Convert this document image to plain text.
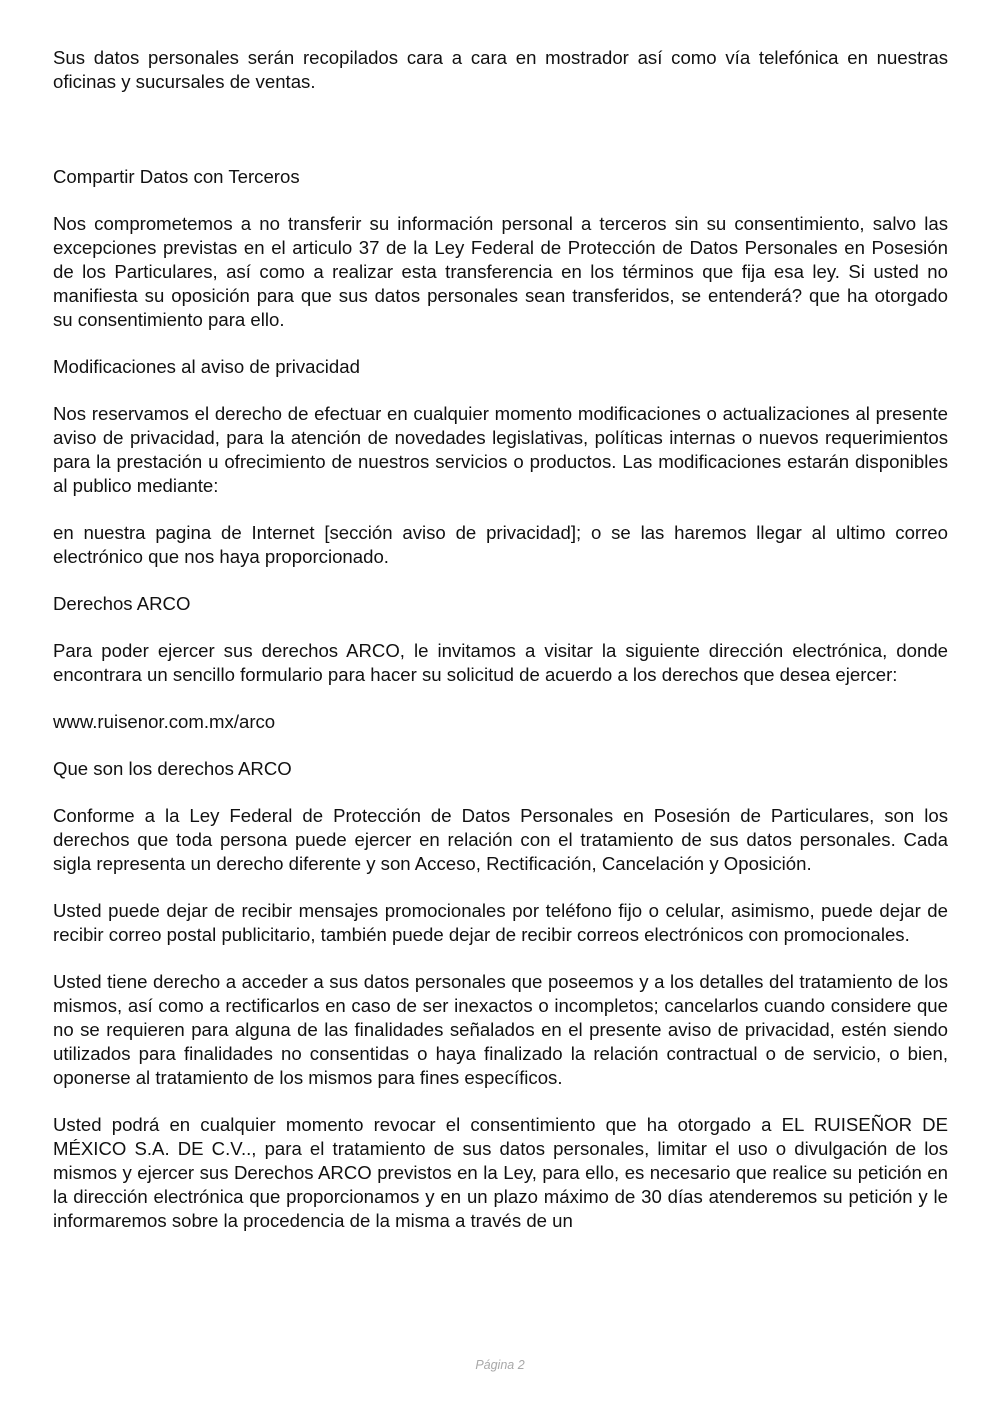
Sus datos personales serán recopilados cara a cara en mostrador así como vía telefónica en nuestras oficinas y sucursales de ventas.

Compartir Datos con Terceros

Nos comprometemos a no transferir su información personal a terceros sin su consentimiento, salvo las excepciones previstas en el articulo 37 de la Ley Federal de Protección de Datos Personales en Posesión de los Particulares, así como a realizar esta transferencia en los términos que fija esa ley. Si usted no manifiesta su oposición para que sus datos personales sean transferidos, se entenderá? que ha otorgado su consentimiento para ello.

Modificaciones al aviso de privacidad

Nos reservamos el derecho de efectuar en cualquier momento modificaciones o actualizaciones al presente aviso de privacidad, para la atención de novedades legislativas, políticas internas o nuevos requerimientos para la prestación u ofrecimiento de nuestros servicios o productos. Las modificaciones estarán disponibles al publico mediante:

en nuestra pagina de Internet [sección aviso de privacidad]; o se las haremos llegar al ultimo correo electrónico que nos haya proporcionado.

Derechos ARCO

Para poder ejercer sus derechos ARCO, le invitamos a visitar la siguiente dirección electrónica, donde encontrara un sencillo formulario para hacer su solicitud de acuerdo a los derechos que desea ejercer:

www.ruisenor.com.mx/arco

Que son los derechos ARCO

Conforme a la Ley Federal de Protección de Datos Personales en Posesión de Particulares, son los derechos que toda persona puede ejercer en relación con el tratamiento de sus datos personales. Cada sigla representa un derecho diferente y son Acceso, Rectificación, Cancelación y Oposición.

Usted puede dejar de recibir mensajes promocionales por teléfono fijo o celular, asimismo, puede dejar de recibir correo postal publicitario, también puede dejar de recibir correos electrónicos con promocionales.

Usted tiene derecho a acceder a sus datos personales que poseemos y a los detalles del tratamiento de los mismos, así como a rectificarlos en caso de ser inexactos o incompletos; cancelarlos cuando considere que no se requieren para alguna de las finalidades señalados en el presente aviso de privacidad, estén siendo utilizados para finalidades no consentidas o haya finalizado la relación contractual o de servicio, o bien, oponerse al tratamiento de los mismos para fines específicos.

Usted podrá en cualquier momento revocar el consentimiento que ha otorgado a EL RUISEÑOR DE MÉXICO S.A. DE C.V.., para el tratamiento de sus datos personales, limitar el uso o divulgación de los mismos y ejercer sus Derechos ARCO previstos en la Ley, para ello, es necesario que realice su petición en la dirección electrónica que proporcionamos y en un plazo máximo de 30 días atenderemos su petición y le informaremos sobre la procedencia de la misma a través de un

Página 2
